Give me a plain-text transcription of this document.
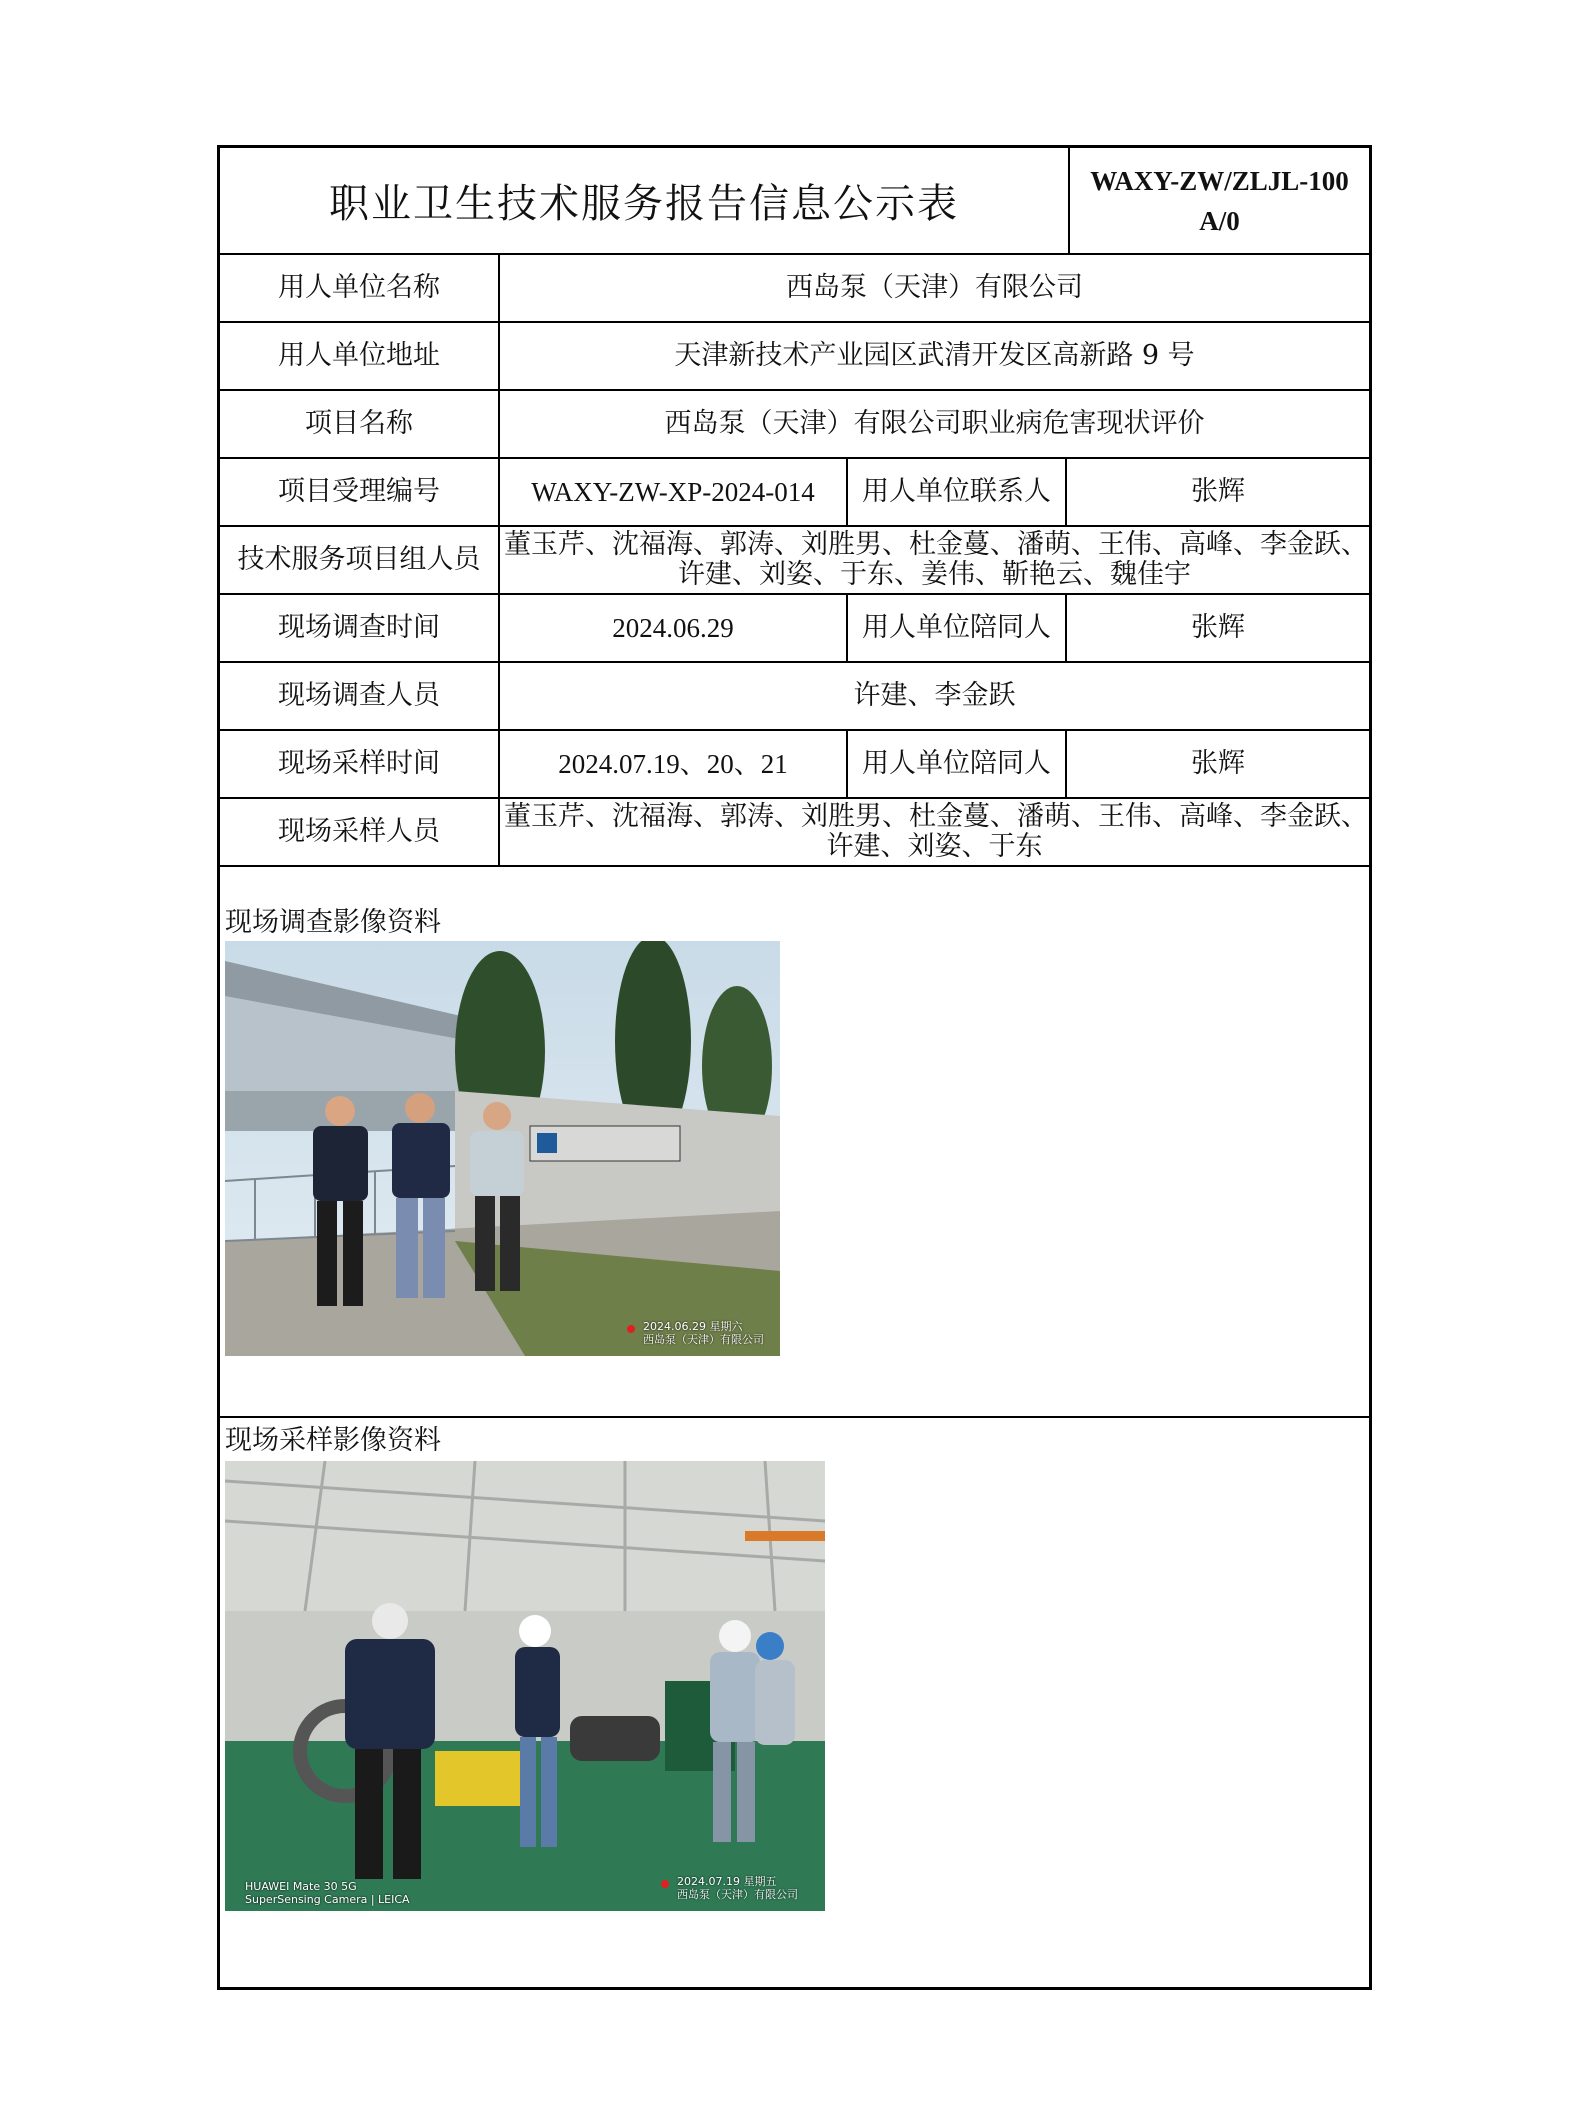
职业卫生技术服务报告信息公示表
WAXY-ZW/ZLJL-100
A/0
用人单位名称	西岛泵（天津）有限公司		
用人单位地址	天津新技术产业园区武清开发区高新路 9 号		
项目名称	西岛泵（天津）有限公司职业病危害现状评价		
项目受理编号	WAXY-ZW-XP-2024-014	用人单位联系人	张辉
技术服务项目组人员	董玉芹、沈福海、郭涛、刘胜男、杜金蔓、潘萌、王伟、高峰、李金跃、
许建、刘姿、于东、姜伟、靳艳云、魏佳宇		

现场调查时间	2024.06.29	用人单位陪同人	张辉
现场调查人员	许建、李金跃		
现场采样时间	2024.07.19、20、21	用人单位陪同人	张辉
现场采样人员	董玉芹、沈福海、郭涛、刘胜男、杜金蔓、潘萌、王伟、高峰、李金跃、
许建、刘姿、于东		
现场调查影像资料
2024.06.29 星期六
西岛泵（天津）有限公司
现场采样影像资料
HUAWEI Mate 30 5G
SuperSensing Camera | LEICA
2024.07.19 星期五
西岛泵（天津）有限公司
